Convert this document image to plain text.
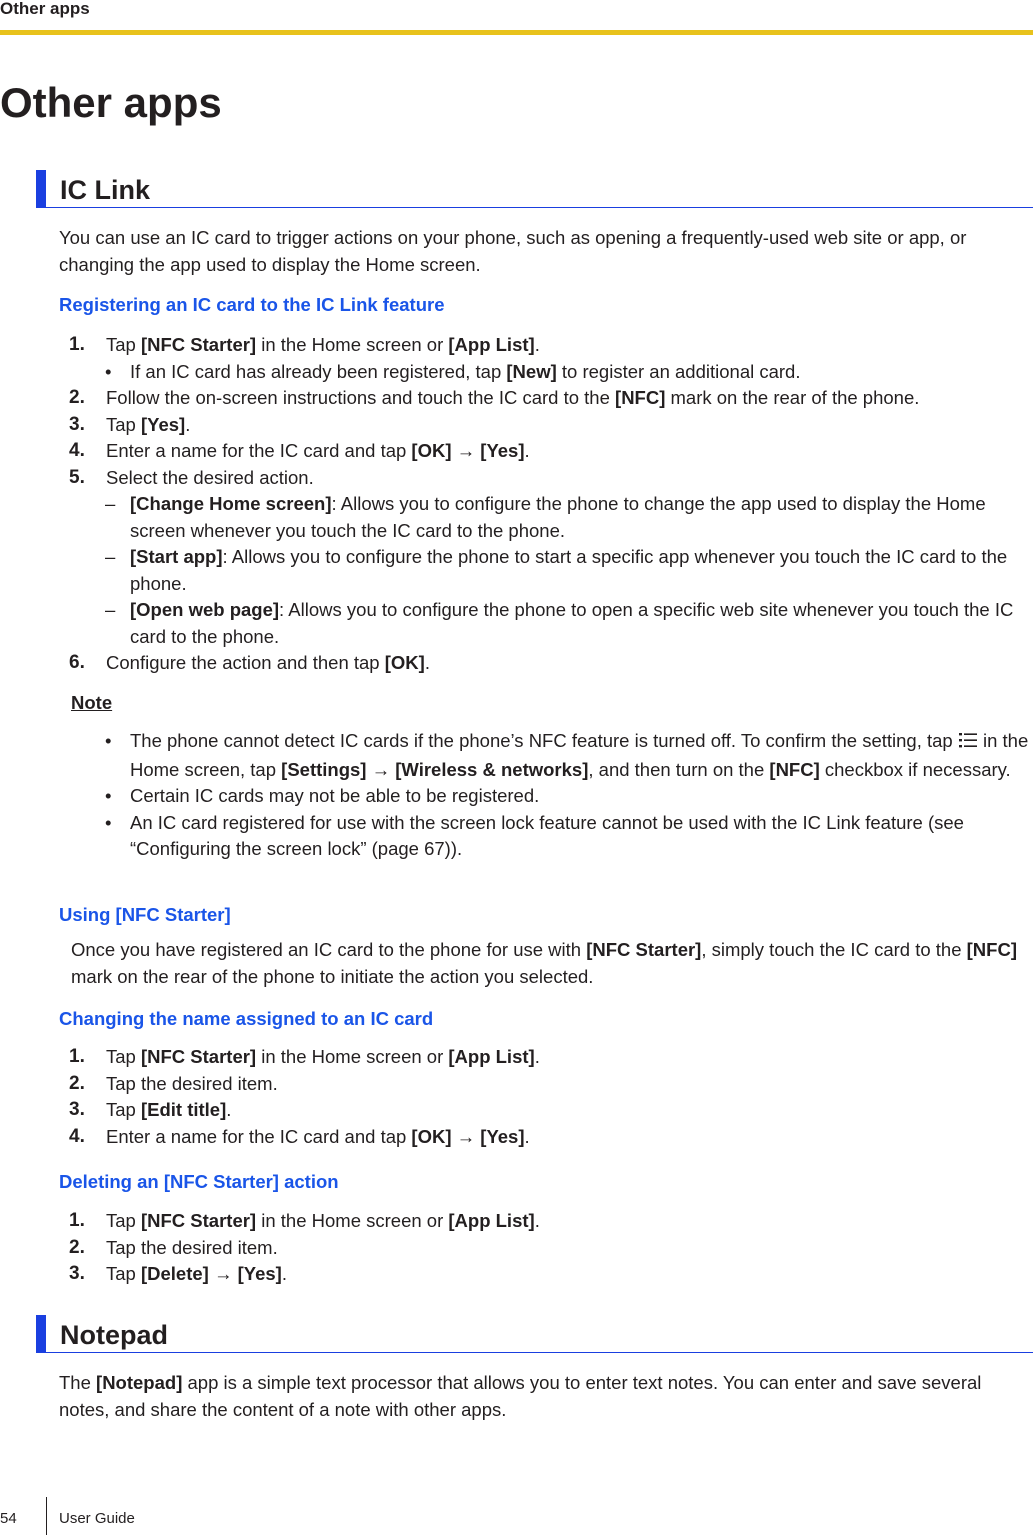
Other apps
Other apps
IC Link
You can use an IC card to trigger actions on your phone, such as opening a frequently-used web site or app, or changing the app used to display the Home screen.
Registering an IC card to the IC Link feature
1.	Tap [NFC Starter] in the Home screen or [App List].
• If an IC card has already been registered, tap [New] to register an additional card.
2.	Follow the on-screen instructions and touch the IC card to the [NFC] mark on the rear of the phone.
3.	Tap [Yes].
4.	Enter a name for the IC card and tap [OK] → [Yes].
5.	Select the desired action.
– [Change Home screen]: Allows you to configure the phone to change the app used to display the Home screen whenever you touch the IC card to the phone.
– [Start app]: Allows you to configure the phone to start a specific app whenever you touch the IC card to the phone.
– [Open web page]: Allows you to configure the phone to open a specific web site whenever you touch the IC card to the phone.
6.	Configure the action and then tap [OK].
Note
• The phone cannot detect IC cards if the phone’s NFC feature is turned off. To confirm the setting, tap  in the Home screen, tap [Settings] → [Wireless & networks], and then turn on the [NFC] checkbox if necessary.
• Certain IC cards may not be able to be registered.
• An IC card registered for use with the screen lock feature cannot be used with the IC Link feature (see “Configuring the screen lock” (page 67)).
Using [NFC Starter]
Once you have registered an IC card to the phone for use with [NFC Starter], simply touch the IC card to the [NFC] mark on the rear of the phone to initiate the action you selected.
Changing the name assigned to an IC card
1.	Tap [NFC Starter] in the Home screen or [App List].
2.	Tap the desired item.
3.	Tap [Edit title].
4.	Enter a name for the IC card and tap [OK] → [Yes].
Deleting an [NFC Starter] action
1.	Tap [NFC Starter] in the Home screen or [App List].
2.	Tap the desired item.
3.	Tap [Delete] → [Yes].
Notepad
The [Notepad] app is a simple text processor that allows you to enter text notes. You can enter and save several notes, and share the content of a note with other apps.
54	User Guide
